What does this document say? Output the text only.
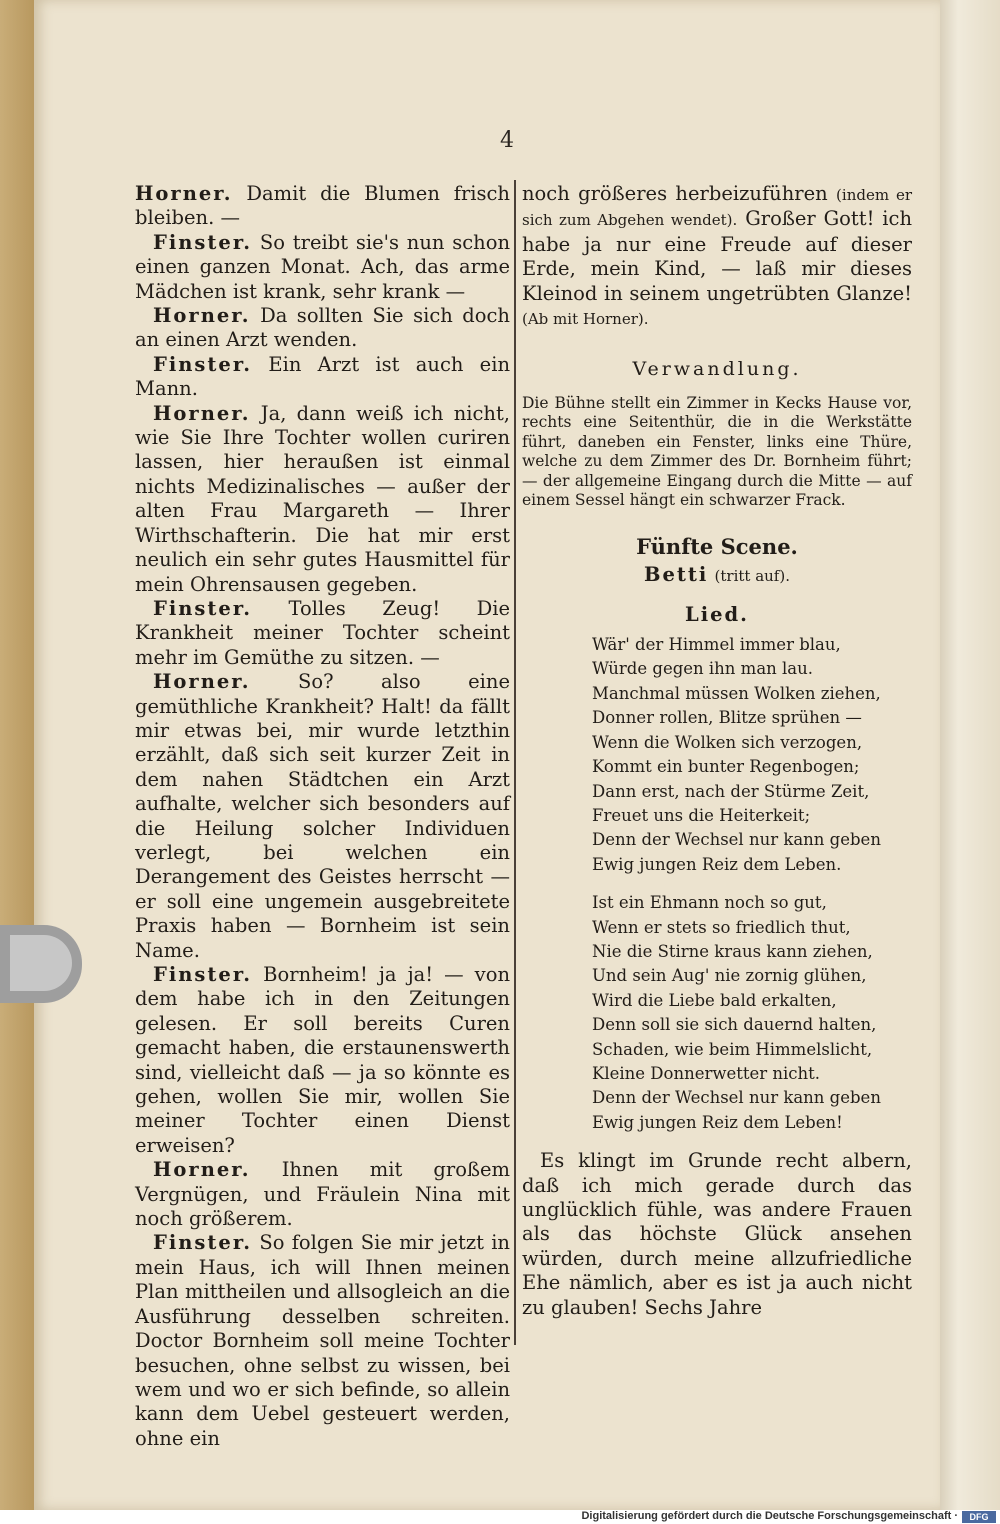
4

Horner. Damit die Blumen frisch bleiben. —

Finster. So treibt sie's nun schon einen ganzen Monat. Ach, das arme Mädchen ist krank, sehr krank —

Horner. Da sollten Sie sich doch an einen Arzt wenden.

Finster. Ein Arzt ist auch ein Mann.

Horner. Ja, dann weiß ich nicht, wie Sie Ihre Tochter wollen curiren lassen, hier heraußen ist einmal nichts Medizinalisches — außer der alten Frau Margareth — Ihrer Wirthschafterin. Die hat mir erst neulich ein sehr gutes Hausmittel für mein Ohrensausen gegeben.

Finster. Tolles Zeug! Die Krankheit meiner Tochter scheint mehr im Gemüthe zu sitzen. —

Horner. So? also eine gemüthliche Krankheit? Halt! da fällt mir etwas bei, mir wurde letzthin erzählt, daß sich seit kurzer Zeit in dem nahen Städtchen ein Arzt aufhalte, welcher sich besonders auf die Heilung solcher Individuen verlegt, bei welchen ein Derangement des Geistes herrscht — er soll eine ungemein ausgebreitete Praxis haben — Bornheim ist sein Name.

Finster. Bornheim! ja ja! — von dem habe ich in den Zeitungen gelesen. Er soll bereits Curen gemacht haben, die erstaunenswerth sind, vielleicht daß — ja so könnte es gehen, wollen Sie mir, wollen Sie meiner Tochter einen Dienst erweisen?

Horner. Ihnen mit großem Vergnügen, und Fräulein Nina mit noch größerem.

Finster. So folgen Sie mir jetzt in mein Haus, ich will Ihnen meinen Plan mittheilen und allsogleich an die Ausführung desselben schreiten. Doctor Bornheim soll meine Tochter besuchen, ohne selbst zu wissen, bei wem und wo er sich befinde, so allein kann dem Uebel gesteuert werden, ohne ein

noch größeres herbeizuführen (indem er sich zum Abgehen wendet). Großer Gott! ich habe ja nur eine Freude auf dieser Erde, mein Kind, — laß mir dieses Kleinod in seinem ungetrübten Glanze! (Ab mit Horner).

Verwandlung.

Die Bühne stellt ein Zimmer in Kecks Hause vor, rechts eine Seitenthür, die in die Werkstätte führt, daneben ein Fenster, links eine Thüre, welche zu dem Zimmer des Dr. Bornheim führt; — der allgemeine Eingang durch die Mitte — auf einem Sessel hängt ein schwarzer Frack.

Fünfte Scene.
Betti (tritt auf).
Lied.
Wär' der Himmel immer blau,
Würde gegen ihn man lau.
Manchmal müssen Wolken ziehen,
Donner rollen, Blitze sprühen —
Wenn die Wolken sich verzogen,
Kommt ein bunter Regenbogen;
Dann erst, nach der Stürme Zeit,
Freuet uns die Heiterkeit;
Denn der Wechsel nur kann geben
Ewig jungen Reiz dem Leben.
Ist ein Ehmann noch so gut,
Wenn er stets so friedlich thut,
Nie die Stirne kraus kann ziehen,
Und sein Aug' nie zornig glühen,
Wird die Liebe bald erkalten,
Denn soll sie sich dauernd halten,
Schaden, wie beim Himmelslicht,
Kleine Donnerwetter nicht.
Denn der Wechsel nur kann geben
Ewig jungen Reiz dem Leben!

Es klingt im Grunde recht albern, daß ich mich gerade durch das unglücklich fühle, was andere Frauen als das höchste Glück ansehen würden, durch meine allzufriedliche Ehe nämlich, aber es ist ja auch nicht zu glauben! Sechs Jahre

Digitalisierung gefördert durch die Deutsche Forschungsgemeinschaft ·	DFG
